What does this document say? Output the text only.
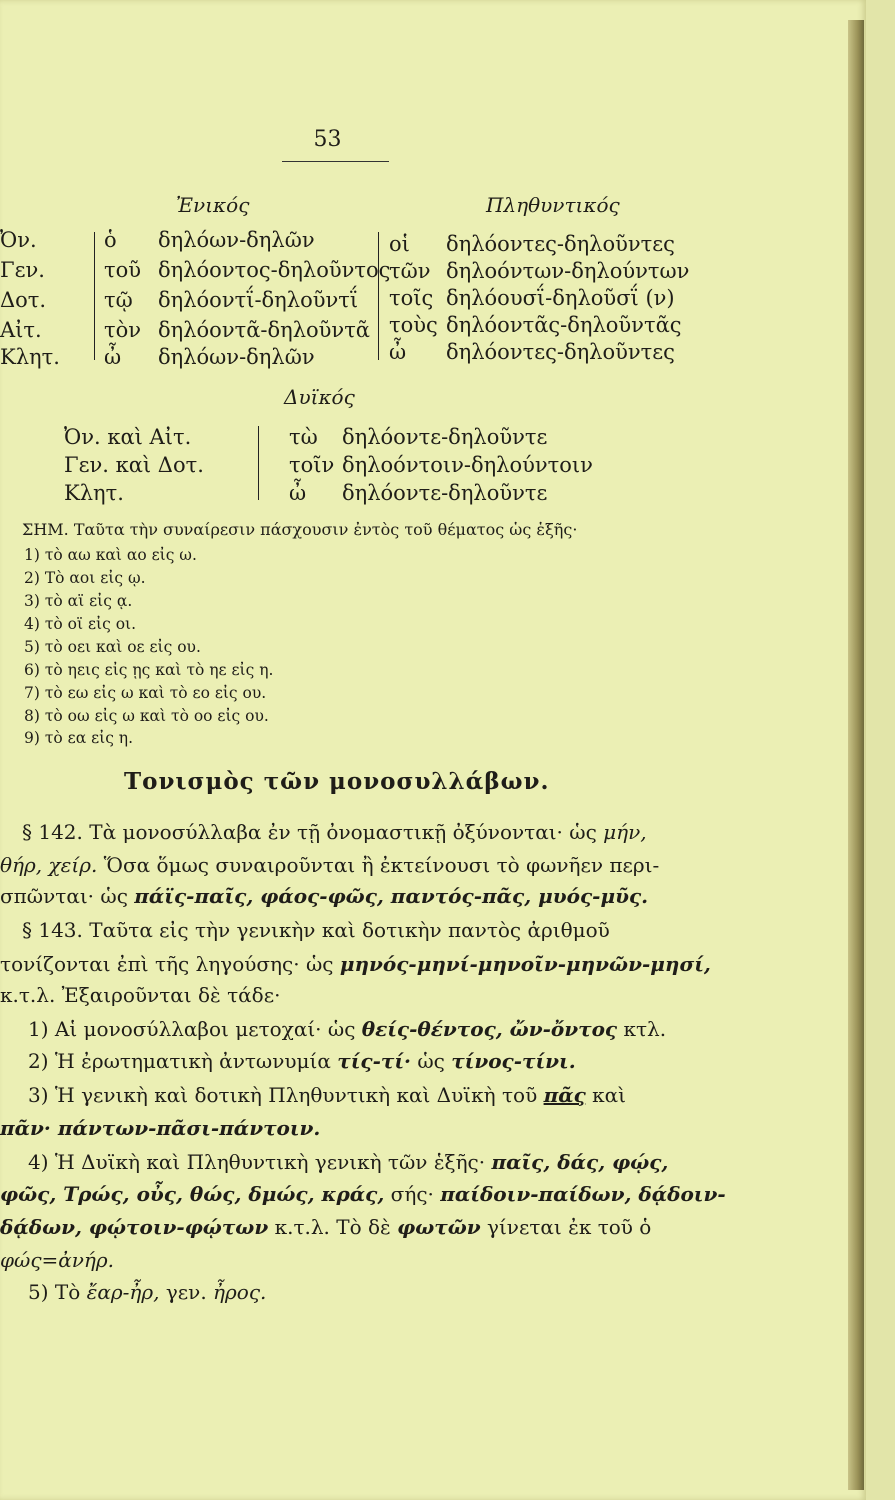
53
Ἐνικός	Πληθυντικός
Ὀν.
Γεν.
Δοτ.
Αἰτ.
Κλητ.
ὁ
τοῦ
τῷ
τὸν
ὦ
δηλόων-δηλῶν
δηλόοντος-δηλοῦντος
δηλόοντΐ-δηλοῦντΐ
δηλόοντᾶ-δηλοῦντᾶ
δηλόων-δηλῶν
οἱ
τῶν
τοῖς
τοὺς
ὦ
δηλόοντες-δηλοῦντες
δηλοόντων-δηλούντων
δηλόουσΐ-δηλοῦσΐ (ν)
δηλόοντᾶς-δηλοῦντᾶς
δηλόοντες-δηλοῦντες
Δυϊκός
Ὀν. καὶ Αἰτ.
Γεν. καὶ Δοτ.
Κλητ.
τὼ
τοῖν
ὦ
δηλόοντε-δηλοῦντε
δηλοόντοιν-δηλούντοιν
δηλόοντε-δηλοῦντε
ΣΗΜ. Ταῦτα τὴν συναίρεσιν πάσχουσιν ἐντὸς τοῦ θέματος ὡς ἑξῆς·
1) τὸ αω καὶ αο εἰς ω.
2) Τὸ αοι εἰς ῳ.
3) τὸ αϊ εἰς ᾳ.
4) τὸ οϊ εἰς οι.
5) τὸ οει καὶ οε εἰς ου.
6) τὸ ηεις εἰς ῃς καὶ τὸ ηε εἰς η.
7) τὸ εω εἰς ω καὶ τὸ εο εἰς ου.
8) τὸ οω εἰς ω καὶ τὸ οο εἰς ου.
9) τὸ εα εἰς η.
Τονισμὸς τῶν μονοσυλλάβων.
§ 142. Τὰ μονοσύλλαβα ἐν τῇ ὀνομαστικῇ ὀξύνονται· ὡς μήν,
θήρ, χείρ. Ὅσα ὅμως συναιροῦνται ἢ ἐκτείνουσι τὸ φωνῆεν περι-
σπῶνται· ὡς πάϊς-παῖς, φάος-φῶς, παντός-πᾶς, μυός-μῦς.
§ 143. Ταῦτα εἰς τὴν γενικὴν καὶ δοτικὴν παντὸς ἀριθμοῦ
τονίζονται ἐπὶ τῆς ληγούσης· ὡς μηνός-μηνί-μηνοῖν-μηνῶν-μησί,
κ.τ.λ. Ἐξαιροῦνται δὲ τάδε·
1) Αἱ μονοσύλλαβοι μετοχαί· ὡς θείς-θέντος, ὤν-ὄντος κτλ.
2) Ἡ ἐρωτηματικὴ ἀντωνυμία τίς-τί· ὡς τίνος-τίνι.
3) Ἡ γενικὴ καὶ δοτικὴ Πληθυντικὴ καὶ Δυϊκὴ τοῦ πᾶς καὶ
πᾶν· πάντων-πᾶσι-πάντοιν.
4) Ἡ Δυϊκὴ καὶ Πληθυντικὴ γενικὴ τῶν ἑξῆς· παῖς, δάς, φῴς,
φῶς, Τρώς, οὖς, θώς, δμώς, κράς, σής· παίδοιν-παίδων, δᾴδοιν-
δᾴδων, φῴτοιν-φῴτων κ.τ.λ. Τὸ δὲ φωτῶν γίνεται ἐκ τοῦ ὁ
φώς=ἀνήρ.
5) Τὸ ἔαρ-ἦρ, γεν. ἦρος.
